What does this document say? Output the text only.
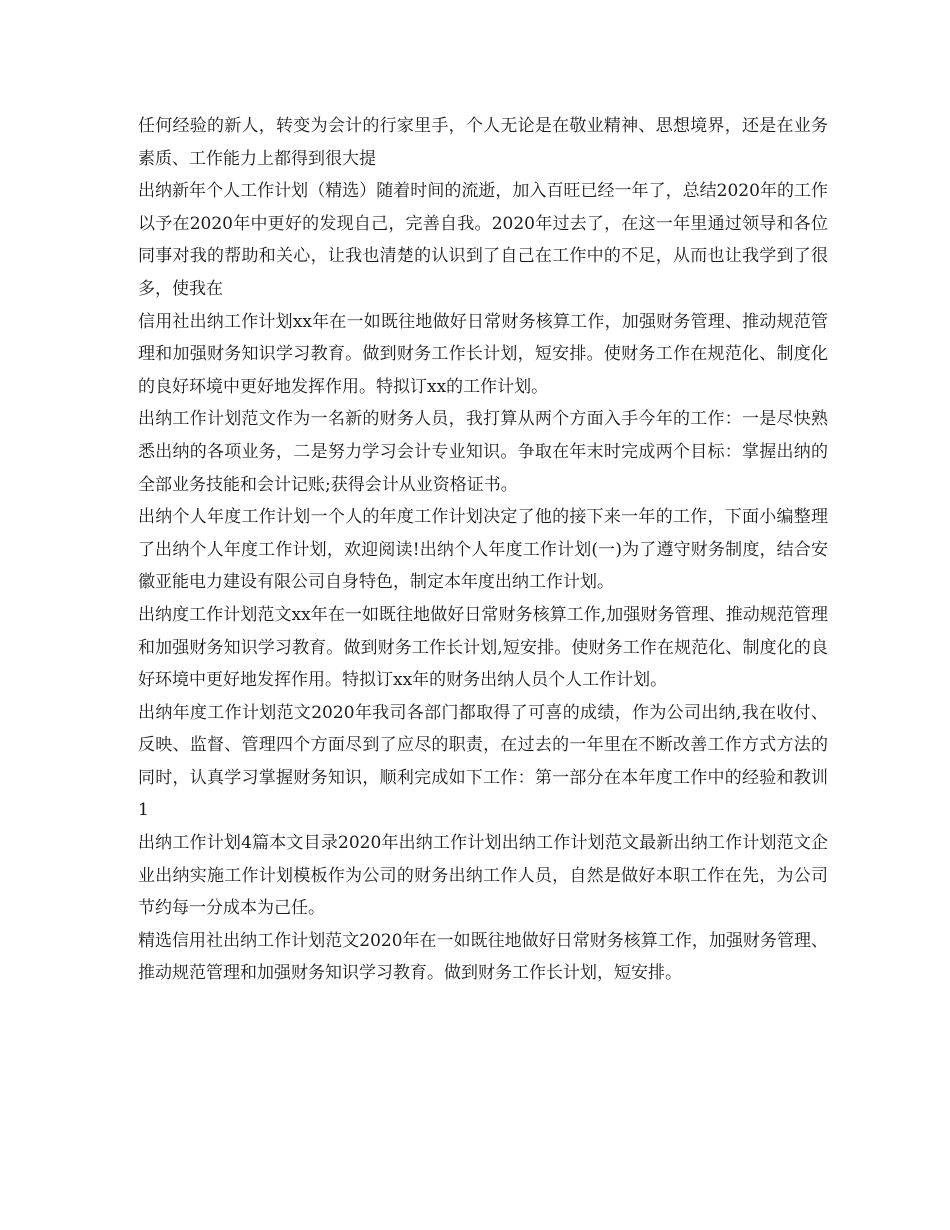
任何经验的新人，转变为会计的行家里手，个人无论是在敬业精神、思想境界，还是在业务素质、工作能力上都得到很大提

出纳新年个人工作计划（精选）随着时间的流逝，加入百旺已经一年了，总结2020年的工作以予在2020年中更好的发现自己，完善自我。2020年过去了，在这一年里通过领导和各位同事对我的帮助和关心，让我也清楚的认识到了自己在工作中的不足，从而也让我学到了很多，使我在

信用社出纳工作计划xx年在一如既往地做好日常财务核算工作，加强财务管理、推动规范管理和加强财务知识学习教育。做到财务工作长计划，短安排。使财务工作在规范化、制度化的良好环境中更好地发挥作用。特拟订xx的工作计划。

出纳工作计划范文作为一名新的财务人员，我打算从两个方面入手今年的工作：一是尽快熟悉出纳的各项业务，二是努力学习会计专业知识。争取在年末时完成两个目标：掌握出纳的全部业务技能和会计记账;获得会计从业资格证书。

出纳个人年度工作计划一个人的年度工作计划决定了他的接下来一年的工作，下面小编整理了出纳个人年度工作计划，欢迎阅读!出纳个人年度工作计划(一)为了遵守财务制度，结合安徽亚能电力建设有限公司自身特色，制定本年度出纳工作计划。

出纳度工作计划范文xx年在一如既往地做好日常财务核算工作,加强财务管理、推动规范管理和加强财务知识学习教育。做到财务工作长计划,短安排。使财务工作在规范化、制度化的良好环境中更好地发挥作用。特拟订xx年的财务出纳人员个人工作计划。

出纳年度工作计划范文2020年我司各部门都取得了可喜的成绩，作为公司出纳,我在收付、反映、监督、管理四个方面尽到了应尽的职责，在过去的一年里在不断改善工作方式方法的同时，认真学习掌握财务知识，顺利完成如下工作：第一部分在本年度工作中的经验和教训1

出纳工作计划4篇本文目录2020年出纳工作计划出纳工作计划范文最新出纳工作计划范文企业出纳实施工作计划模板作为公司的财务出纳工作人员，自然是做好本职工作在先，为公司节约每一分成本为己任。

精选信用社出纳工作计划范文2020年在一如既往地做好日常财务核算工作，加强财务管理、推动规范管理和加强财务知识学习教育。做到财务工作长计划，短安排。
